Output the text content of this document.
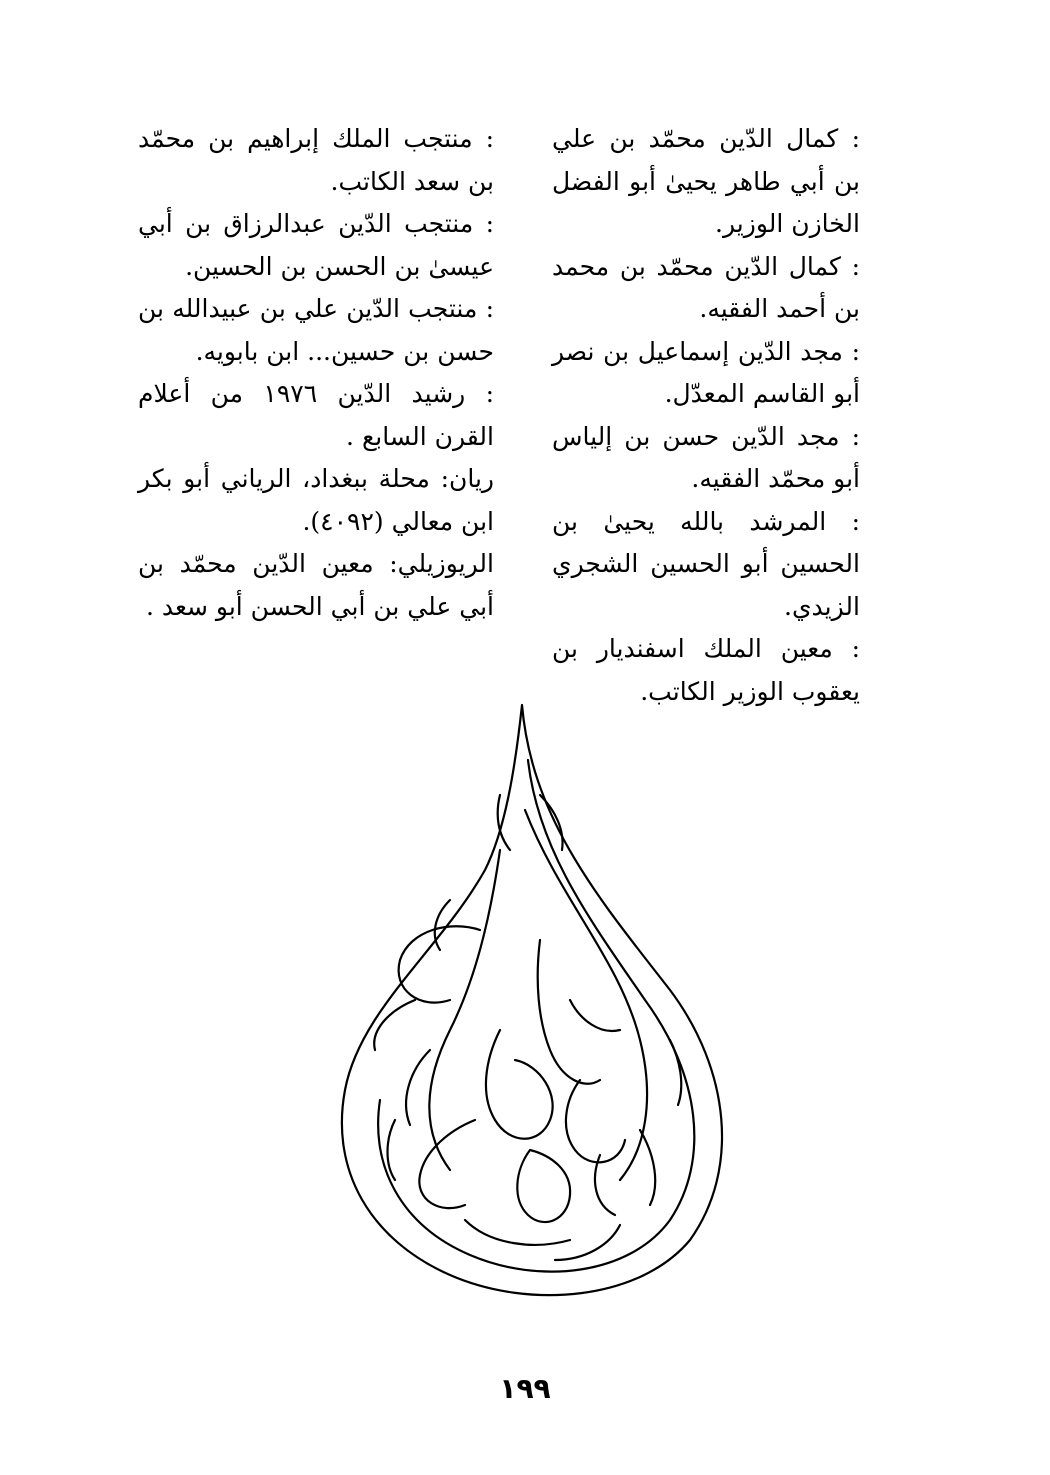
: كمال الدّين محمّد بن علي بن أبي طاهر يحيىٰ أبو الفضل الخازن الوزير.

: كمال الدّين محمّد بن محمد بن أحمد الفقيه.

: مجد الدّين إسماعيل بن نصر أبو القاسم المعدّل.

: مجد الدّين حسن بن إلياس أبو محمّد الفقيه.

: المرشد بالله يحيىٰ بن الحسين أبو الحسين الشجري الزيدي.

: معين الملك اسفنديار بن يعقوب الوزير الكاتب.

: منتجب الملك إبراهيم بن محمّد بن سعد الكاتب.

: منتجب الدّين عبدالرزاق بن أبي عيسىٰ بن الحسن بن الحسين.

: منتجب الدّين علي بن عبيدالله بن حسن بن حسين... ابن بابويه.

: رشيد الدّين ١٩٧٦ من أعلام القرن السابع .

ريان: محلة ببغداد، الرياني أبو بكر ابن معالي (٤٠٩٢).

الريوزيلي: معين الدّين محمّد بن أبي علي بن أبي الحسن أبو سعد .

١٩٩
